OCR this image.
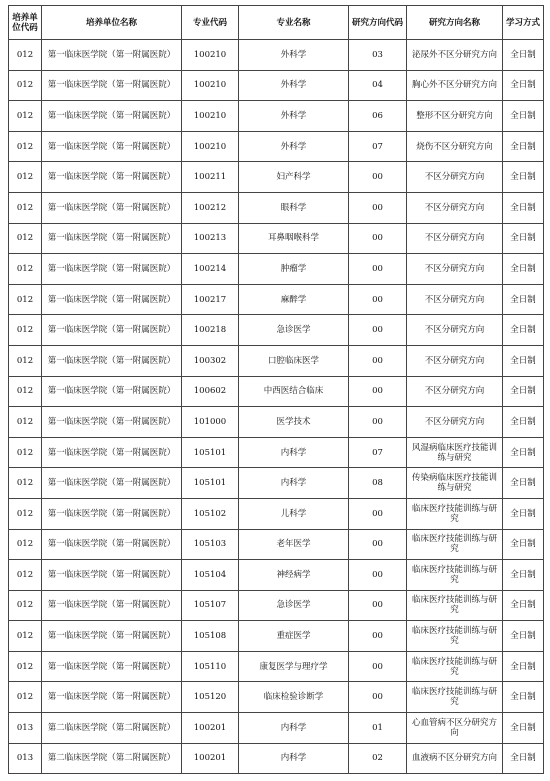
培养单位代码	培养单位名称	专业代码	专业名称	研究方向代码	研究方向名称	学习方式
012	第一临床医学院（第一附属医院）	100210	外科学	03	泌尿外不区分研究方向	全日制
012	第一临床医学院（第一附属医院）	100210	外科学	04	胸心外不区分研究方向	全日制
012	第一临床医学院（第一附属医院）	100210	外科学	06	整形不区分研究方向	全日制
012	第一临床医学院（第一附属医院）	100210	外科学	07	烧伤不区分研究方向	全日制
012	第一临床医学院（第一附属医院）	100211	妇产科学	00	不区分研究方向	全日制
012	第一临床医学院（第一附属医院）	100212	眼科学	00	不区分研究方向	全日制
012	第一临床医学院（第一附属医院）	100213	耳鼻咽喉科学	00	不区分研究方向	全日制
012	第一临床医学院（第一附属医院）	100214	肿瘤学	00	不区分研究方向	全日制
012	第一临床医学院（第一附属医院）	100217	麻醉学	00	不区分研究方向	全日制
012	第一临床医学院（第一附属医院）	100218	急诊医学	00	不区分研究方向	全日制
012	第一临床医学院（第一附属医院）	100302	口腔临床医学	00	不区分研究方向	全日制
012	第一临床医学院（第一附属医院）	100602	中西医结合临床	00	不区分研究方向	全日制
012	第一临床医学院（第一附属医院）	101000	医学技术	00	不区分研究方向	全日制
012	第一临床医学院（第一附属医院）	105101	内科学	07	风湿病临床医疗技能训练与研究	全日制
012	第一临床医学院（第一附属医院）	105101	内科学	08	传染病临床医疗技能训练与研究	全日制
012	第一临床医学院（第一附属医院）	105102	儿科学	00	临床医疗技能训练与研究	全日制
012	第一临床医学院（第一附属医院）	105103	老年医学	00	临床医疗技能训练与研究	全日制
012	第一临床医学院（第一附属医院）	105104	神经病学	00	临床医疗技能训练与研究	全日制
012	第一临床医学院（第一附属医院）	105107	急诊医学	00	临床医疗技能训练与研究	全日制
012	第一临床医学院（第一附属医院）	105108	重症医学	00	临床医疗技能训练与研究	全日制
012	第一临床医学院（第一附属医院）	105110	康复医学与理疗学	00	临床医疗技能训练与研究	全日制
012	第一临床医学院（第一附属医院）	105120	临床检验诊断学	00	临床医疗技能训练与研究	全日制
013	第二临床医学院（第二附属医院）	100201	内科学	01	心血管病不区分研究方向	全日制
013	第二临床医学院（第二附属医院）	100201	内科学	02	血液病不区分研究方向	全日制
